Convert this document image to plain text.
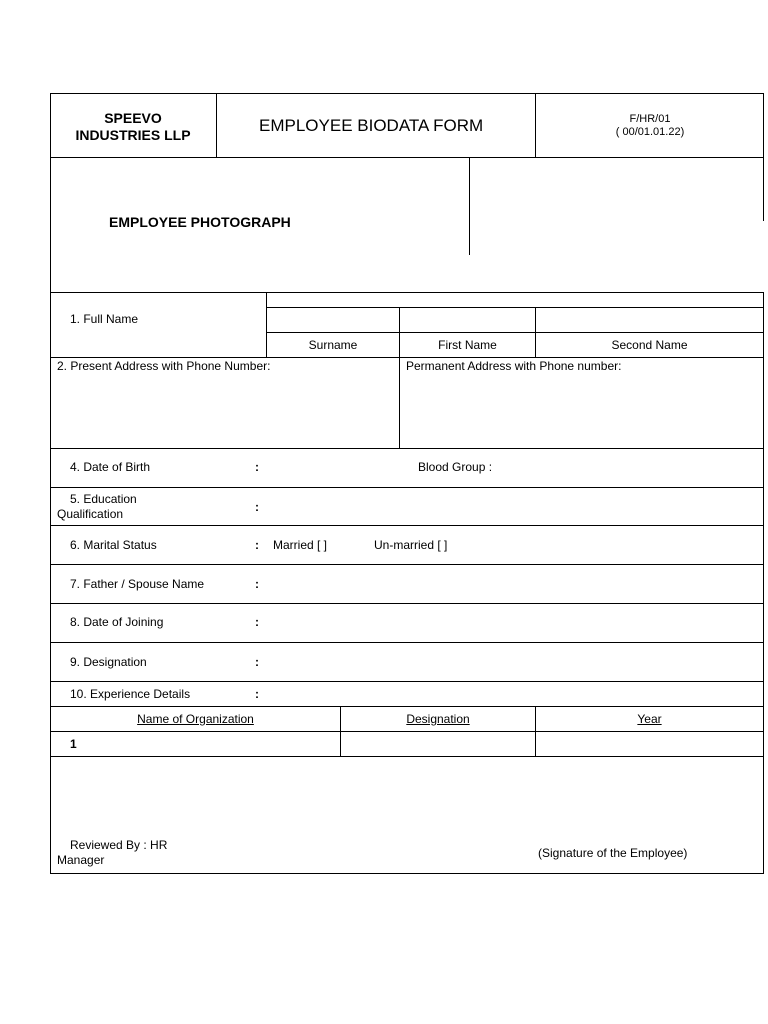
SPEEVO
INDUSTRIES LLP	EMPLOYEE BIODATA FORM	F/HR/01
( 00/01.01.22)
EMPLOYEE PHOTOGRAPH
1. Full Name
Surname	First Name	Second Name
2. Present Address with Phone Number:	Permanent Address with Phone number:
4. Date of Birth	:	Blood Group :
5. Education
Qualification	:
6. Marital Status	: Married [ ]	Un-married [ ]
7. Father / Spouse Name	:
8. Date of Joining	:
9. Designation	:
10. Experience Details	:
Name of Organization	Designation	Year
1
Reviewed By : HR
Manager	(Signature of the Employee)
